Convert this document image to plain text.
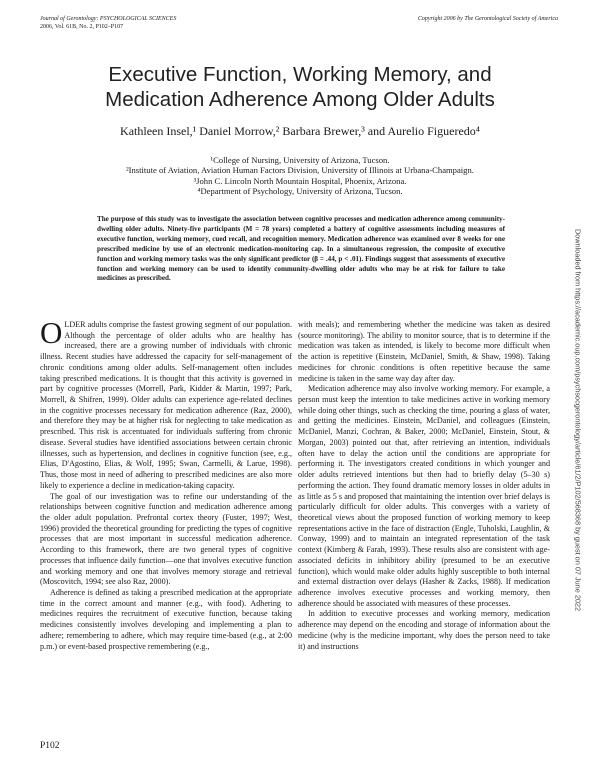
Journal of Gerontology: PSYCHOLOGICAL SCIENCES
2006, Vol. 61B, No. 2, P102–P107
Copyright 2006 by The Gerontological Society of America
Executive Function, Working Memory, and
Medication Adherence Among Older Adults
Kathleen Insel,¹ Daniel Morrow,² Barbara Brewer,³ and Aurelio Figueredo⁴
¹College of Nursing, University of Arizona, Tucson.
²Institute of Aviation, Aviation Human Factors Division, University of Illinois at Urbana-Champaign.
³John C. Lincoln North Mountain Hospital, Phoenix, Arizona.
⁴Department of Psychology, University of Arizona, Tucson.
The purpose of this study was to investigate the association between cognitive processes and medication adherence among community-dwelling older adults. Ninety-five participants (M = 78 years) completed a battery of cognitive assessments including measures of executive function, working memory, cued recall, and recognition memory. Medication adherence was examined over 8 weeks for one prescribed medicine by use of an electronic medication-monitoring cap. In a simultaneous regression, the composite of executive function and working memory tasks was the only significant predictor (β = .44, p < .01). Findings suggest that assessments of executive function and working memory can be used to identify community-dwelling older adults who may be at risk for failure to take medicines as prescribed.

OLDER adults comprise the fastest growing segment of our population. Although the percentage of older adults who are healthy has increased, there are a growing number of individuals with chronic illness. Recent studies have addressed the capacity for self-management of chronic conditions among older adults. Self-management often includes taking prescribed medications. It is thought that this activity is governed in part by cognitive processes (Morrell, Park, Kidder & Martin, 1997; Park, Morrell, & Shifren, 1999). Older adults can experience age-related declines in the cognitive processes necessary for medication adherence (Raz, 2000), and therefore they may be at higher risk for neglecting to take medication as prescribed. This risk is accentuated for individuals suffering from chronic disease. Several studies have identified associations between certain chronic illnesses, such as hypertension, and declines in cognitive function (see, e.g., Elias, D'Agostino, Elias, & Wolf, 1995; Swan, Carmelli, & Larue, 1998). Thus, those most in need of adhering to prescribed medicines are also more likely to experience a decline in medication-taking capacity.

The goal of our investigation was to refine our understanding of the relationships between cognitive function and medication adherence among the older adult population. Prefrontal cortex theory (Fuster, 1997; West, 1996) provided the theoretical grounding for predicting the types of cognitive processes that are most important in successful medication adherence. According to this framework, there are two general types of cognitive processes that influence daily function—one that involves executive function and working memory and one that involves memory storage and retrieval (Moscovitch, 1994; see also Raz, 2000).

Adherence is defined as taking a prescribed medication at the appropriate time in the correct amount and manner (e.g., with food). Adhering to medicines requires the recruitment of executive function, because taking medicines consistently involves developing and implementing a plan to adhere; remembering to adhere, which may require time-based (e.g., at 2:00 p.m.) or event-based prospective remembering (e.g.,

with meals); and remembering whether the medicine was taken as desired (source monitoring). The ability to monitor source, that is to determine if the medication was taken as intended, is likely to become more difficult when the action is repetitive (Einstein, McDaniel, Smith, & Shaw, 1998). Taking medicines for chronic conditions is often repetitive because the same medicine is taken in the same way day after day.

Medication adherence may also involve working memory. For example, a person must keep the intention to take medicines active in working memory while doing other things, such as checking the time, pouring a glass of water, and getting the medicines. Einstein, McDaniel, and colleagues (Einstein, McDaniel, Manzi, Cochran, & Baker, 2000; McDaniel, Einstein, Stout, & Morgan, 2003) pointed out that, after retrieving an intention, individuals often have to delay the action until the conditions are appropriate for performing it. The investigators created conditions in which younger and older adults retrieved intentions but then had to briefly delay (5–30 s) performing the action. They found dramatic memory losses in older adults in as little as 5 s and proposed that maintaining the intention over brief delays is particularly difficult for older adults. This converges with a variety of theoretical views about the proposed function of working memory to keep representations active in the face of distraction (Engle, Tuholski, Laughlin, & Conway, 1999) and to maintain an integrated representation of the task context (Kimberg & Farah, 1993). These results also are consistent with age-associated deficits in inhibitory ability (presumed to be an executive function), which would make older adults highly susceptible to both internal and external distraction over delays (Hasher & Zacks, 1988). If medication adherence involves executive processes and working memory, then adherence should be associated with measures of these processes.

In addition to executive processes and working memory, medication adherence may depend on the encoding and storage of information about the medicine (why is the medicine important, why does the person need to take it) and instructions

P102
Downloaded from https://academic.oup.com/psychsocgerontology/article/61/2/P102/568368 by guest on 07 June 2022
